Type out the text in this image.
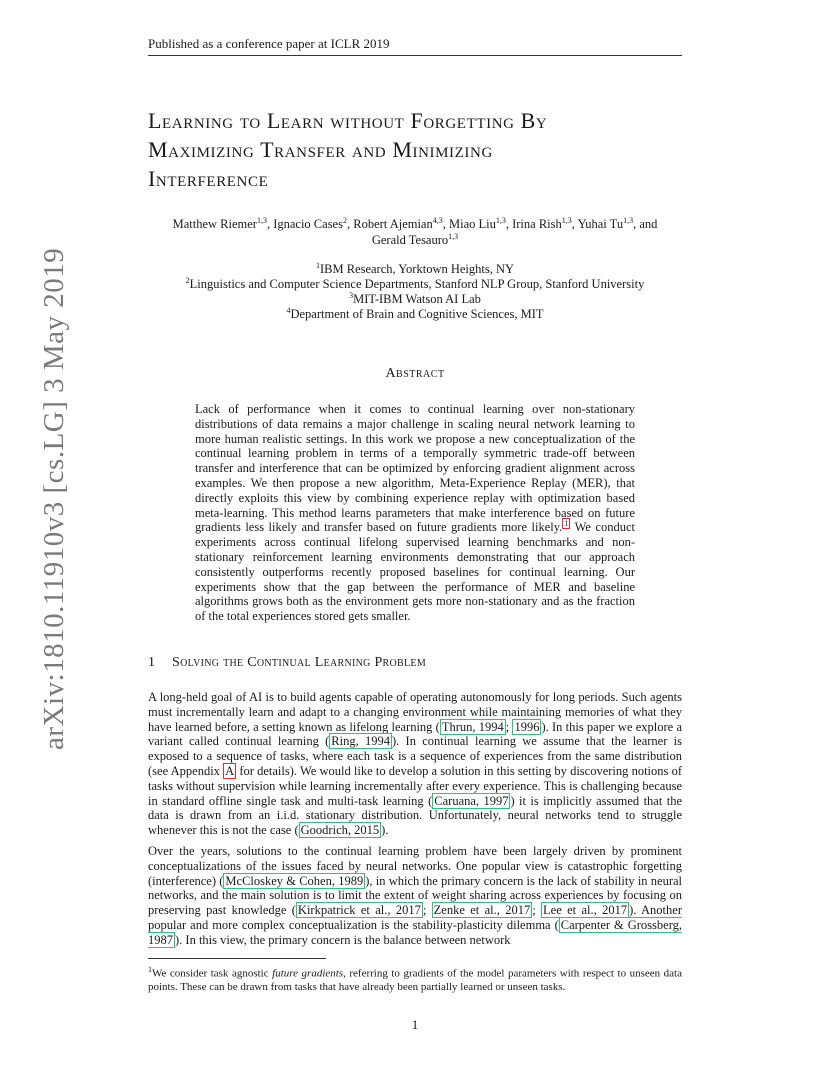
Published as a conference paper at ICLR 2019
arXiv:1810.11910v3 [cs.LG] 3 May 2019
Learning to Learn without Forgetting By
Maximizing Transfer and Minimizing
Interference
Matthew Riemer$^{1,3}$, Ignacio Cases$^2$, Robert Ajemian$^{4,3}$, Miao Liu$^{1,3}$, Irina Rish$^{1,3}$, Yuhai Tu$^{1,3}$, and
Gerald Tesauro$^{1,3}$
$^1$IBM Research, Yorktown Heights, NY
$^2$Linguistics and Computer Science Departments, Stanford NLP Group, Stanford University
$^3$MIT-IBM Watson AI Lab
$^4$Department of Brain and Cognitive Sciences, MIT
Abstract
Lack of performance when it comes to continual learning over non-stationary distributions of data remains a major challenge in scaling neural network learning to more human realistic settings. In this work we propose a new conceptualization of the continual learning problem in terms of a temporally symmetric trade-off between transfer and interference that can be optimized by enforcing gradient alignment across examples. We then propose a new algorithm, Meta-Experience Replay (MER), that directly exploits this view by combining experience replay with optimization based meta-learning. This method learns parameters that make interference based on future gradients less likely and transfer based on future gradients more likely. $^1$ We conduct experiments across continual lifelong supervised learning benchmarks and non-stationary reinforcement learning environments demonstrating that our approach consistently outperforms recently proposed baselines for continual learning. Our experiments show that the gap between the performance of MER and baseline algorithms grows both as the environment gets more non-stationary and as the fraction of the total experiences stored gets smaller.
1 Solving the Continual Learning Problem
A long-held goal of AI is to build agents capable of operating autonomously for long periods. Such agents must incrementally learn and adapt to a changing environment while maintaining memories of what they have learned before, a setting known as lifelong learning ( Thrun, 1994 ; 1996 ). In this paper we explore a variant called continual learning ( Ring, 1994 ). In continual learning we assume that the learner is exposed to a sequence of tasks, where each task is a sequence of experiences from the same distribution (see Appendix A for details). We would like to develop a solution in this setting by discovering notions of tasks without supervision while learning incrementally after every experience. This is challenging because in standard offline single task and multi-task learning ( Caruana, 1997 ) it is implicitly assumed that the data is drawn from an i.i.d. stationary distribution. Unfortunately, neural networks tend to struggle whenever this is not the case ( Goodrich, 2015 ).
Over the years, solutions to the continual learning problem have been largely driven by prominent conceptualizations of the issues faced by neural networks. One popular view is catastrophic forgetting (interference) ( McCloskey & Cohen, 1989 ), in which the primary concern is the lack of stability in neural networks, and the main solution is to limit the extent of weight sharing across experiences by focusing on preserving past knowledge ( Kirkpatrick et al., 2017 ; Zenke et al., 2017 ; Lee et al., 2017 ). Another popular and more complex conceptualization is the stability-plasticity dilemma ( Carpenter & Grossberg, 1987 ). In this view, the primary concern is the balance between network
$^1$We consider task agnostic future gradients, referring to gradients of the model parameters with respect to unseen data points. These can be drawn from tasks that have already been partially learned or unseen tasks.
1
